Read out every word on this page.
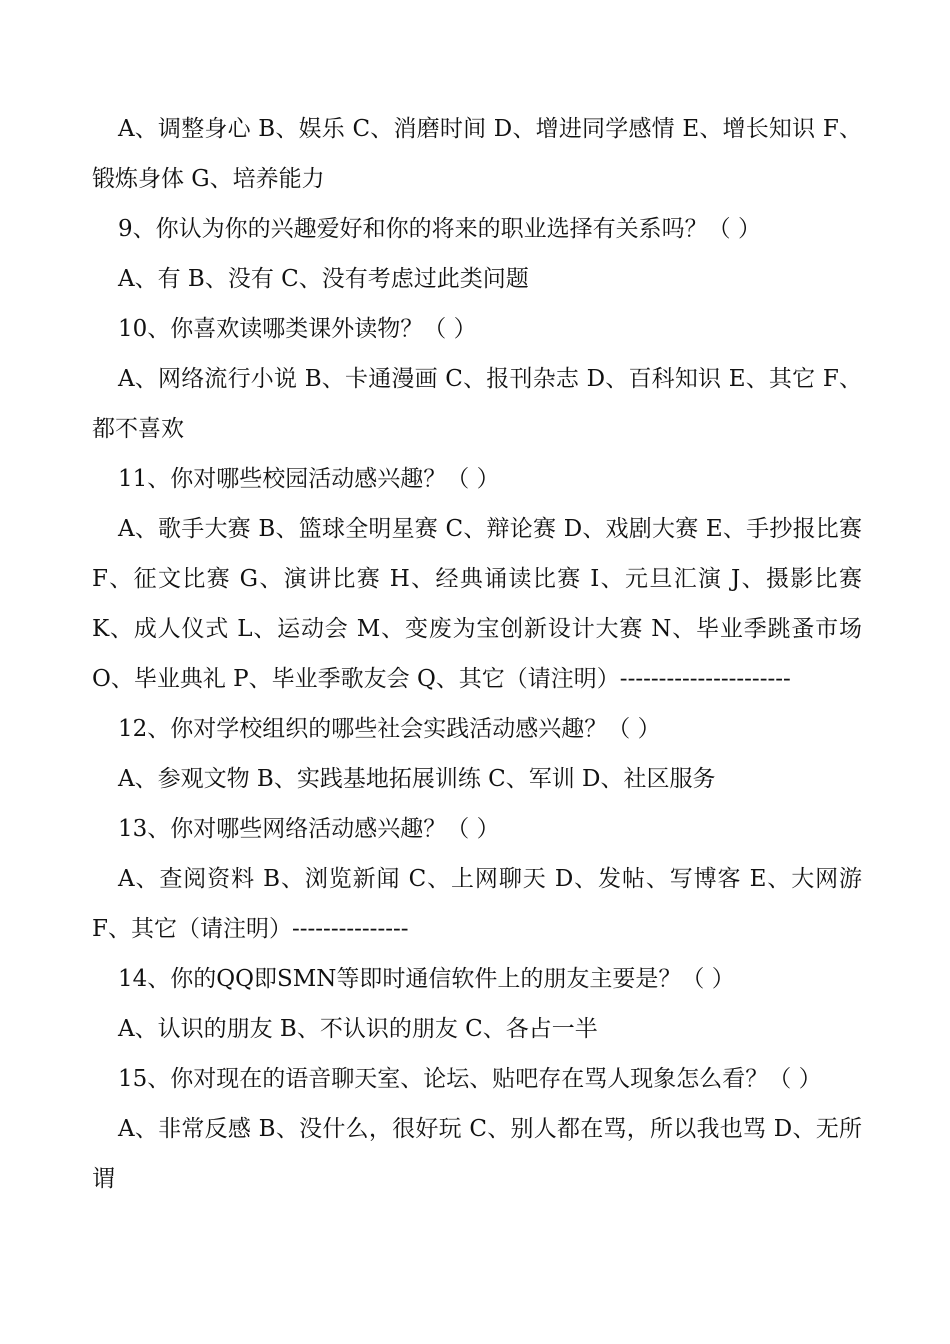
A、调整身心 B、娱乐 C、消磨时间 D、增进同学感情 E、增长知识 F、锻炼身体 G、培养能力

9、你认为你的兴趣爱好和你的将来的职业选择有关系吗？（ ）

A、有 B、没有 C、没有考虑过此类问题

10、你喜欢读哪类课外读物？（ ）

A、网络流行小说 B、卡通漫画 C、报刊杂志 D、百科知识 E、其它 F、 都不喜欢

11、你对哪些校园活动感兴趣？（ ）

A、歌手大赛 B、篮球全明星赛 C、辩论赛 D、戏剧大赛 E、手抄报比赛 F、征文比赛 G、演讲比赛 H、经典诵读比赛 I、元旦汇演 J、摄影比赛 K、成人仪式 L、运动会 M、变废为宝创新设计大赛 N、毕业季跳蚤市场 O、毕业典礼 P、毕业季歌友会 Q、其它（请注明）----------------------

12、你对学校组织的哪些社会实践活动感兴趣？（ ）

A、参观文物 B、实践基地拓展训练 C、军训 D、社区服务

13、你对哪些网络活动感兴趣？（ ）

A、查阅资料 B、浏览新闻 C、上网聊天 D、发帖、写博客 E、大网游 F、其它（请注明）---------------

14、你的QQ即SMN等即时通信软件上的朋友主要是？（ ）

A、认识的朋友 B、不认识的朋友 C、各占一半

15、你对现在的语音聊天室、论坛、贴吧存在骂人现象怎么看？（ ）

A、非常反感 B、没什么，很好玩 C、别人都在骂，所以我也骂 D、无所谓
